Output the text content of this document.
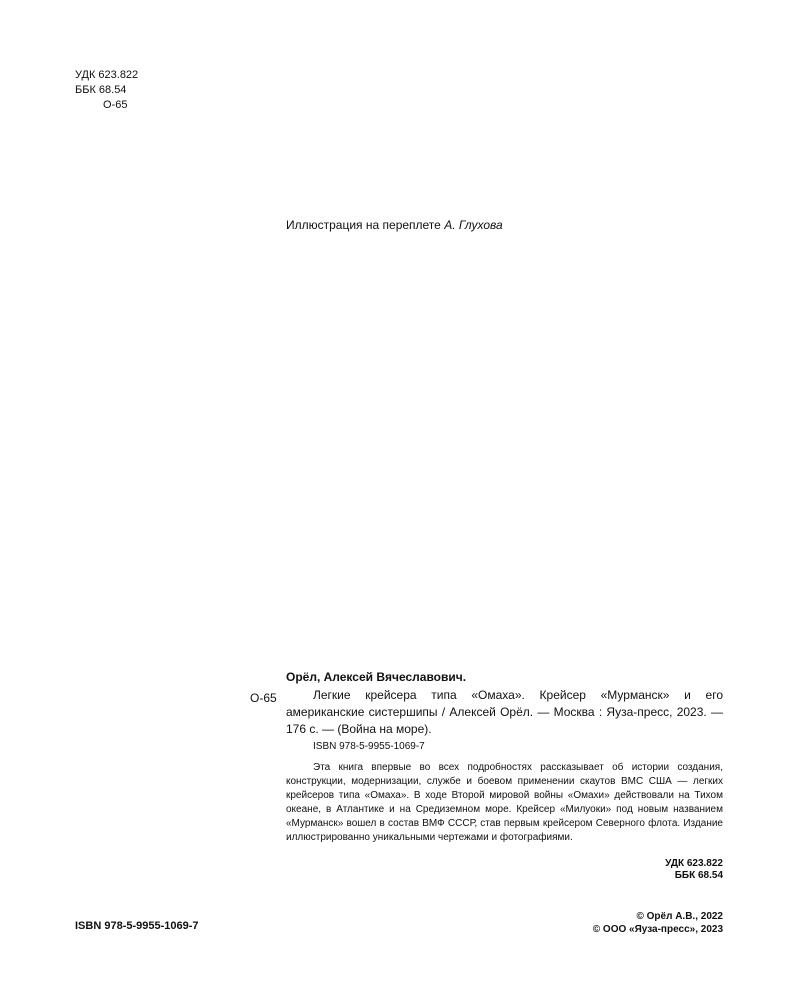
УДК 623.822
ББК 68.54
О-65
Иллюстрация на переплете А. Глухова
Орёл, Алексей Вячеславович.
О-65	Легкие крейсера типа «Омаха». Крейсер «Мурманск» и его американские систершипы / Алексей Орёл. — Москва : Яуза-пресс, 2023. — 176 с. — (Война на море).

ISBN 978-5-9955-1069-7

Эта книга впервые во всех подробностях рассказывает об истории создания, конструкции, модернизации, службе и боевом применении скаутов ВМС США — легких крейсеров типа «Омаха». В ходе Второй мировой войны «Омахи» действовали на Тихом океане, в Атлантике и на Средиземном море. Крейсер «Милуоки» под новым названием «Мурманск» вошел в состав ВМФ СССР, став первым крейсером Северного флота. Издание иллюстрированно уникальными чертежами и фотографиями.

УДК 623.822
ББК 68.54
ISBN 978-5-9955-1069-7
© Орёл А.В., 2022
© ООО «Яуза-пресс», 2023
